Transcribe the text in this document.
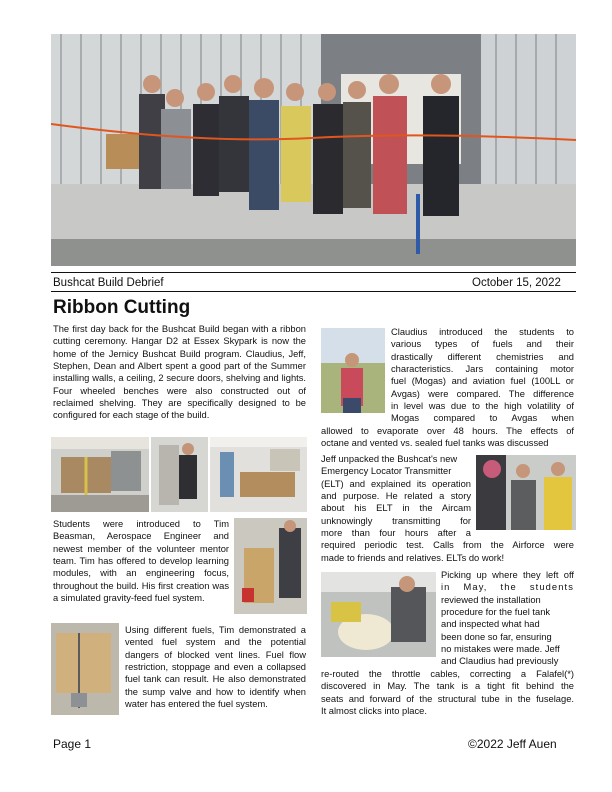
Bushcat Build Debrief	October 15, 2022
Ribbon Cutting
The first day back for the Bushcat Build began with a ribbon cutting ceremony. Hangar D2 at Essex Skypark is now the home of the Jernicy Bushcat Build program. Claudius, Jeff, Stephen, Dean and Albert spent a good part of the Summer installing walls, a ceiling, 2 secure doors, shelving and lights. Four wheeled benches were also constructed out of reclaimed shelving. They are specifically designed to be configured for each stage of the build.
Students were introduced to Tim Beasman, Aerospace Engineer and newest member of the volunteer mentor team. Tim has offered to develop learning modules, with an engineering focus, throughout the build. His first creation was a simulated gravity-feed fuel system.
Using different fuels, Tim demonstrated a vented fuel system and the potential dangers of blocked vent lines. Fuel flow restriction, stoppage and even a collapsed fuel tank can result. He also demonstrated the sump valve and how to identify when water has entered the fuel system.
Claudius introduced the students to
various types of fuels and their
drastically different chemistries and
characteristics. Jars containing motor
fuel (Mogas) and aviation fuel (100LL or
Avgas) were compared. The difference
in level was due to the high volatility of
Mogas compared to Avgas when
allowed to evaporate over 48 hours. The effects of
octane and vented vs. sealed fuel tanks was discussed
Jeff unpacked the Bushcat's new
Emergency Locator Transmitter
(ELT) and explained its operation
and purpose. He related a story
about his ELT in the Aircam
unknowingly transmitting for
more than four hours after a
required periodic test. Calls from the Airforce were
made to friends and relatives. ELTs do work!
Picking up where they left off
in May, the students
reviewed the installation
procedure for the fuel tank
and inspected what had
been done so far, ensuring
no mistakes were made. Jeff
and Claudius had previously
re-routed the throttle cables, correcting a Falafel(*)
discovered in May. The tank is a tight fit behind the
seats and forward of the structural tube in the fuselage.
It almost clicks into place.
Page 1	©2022 Jeff Auen
